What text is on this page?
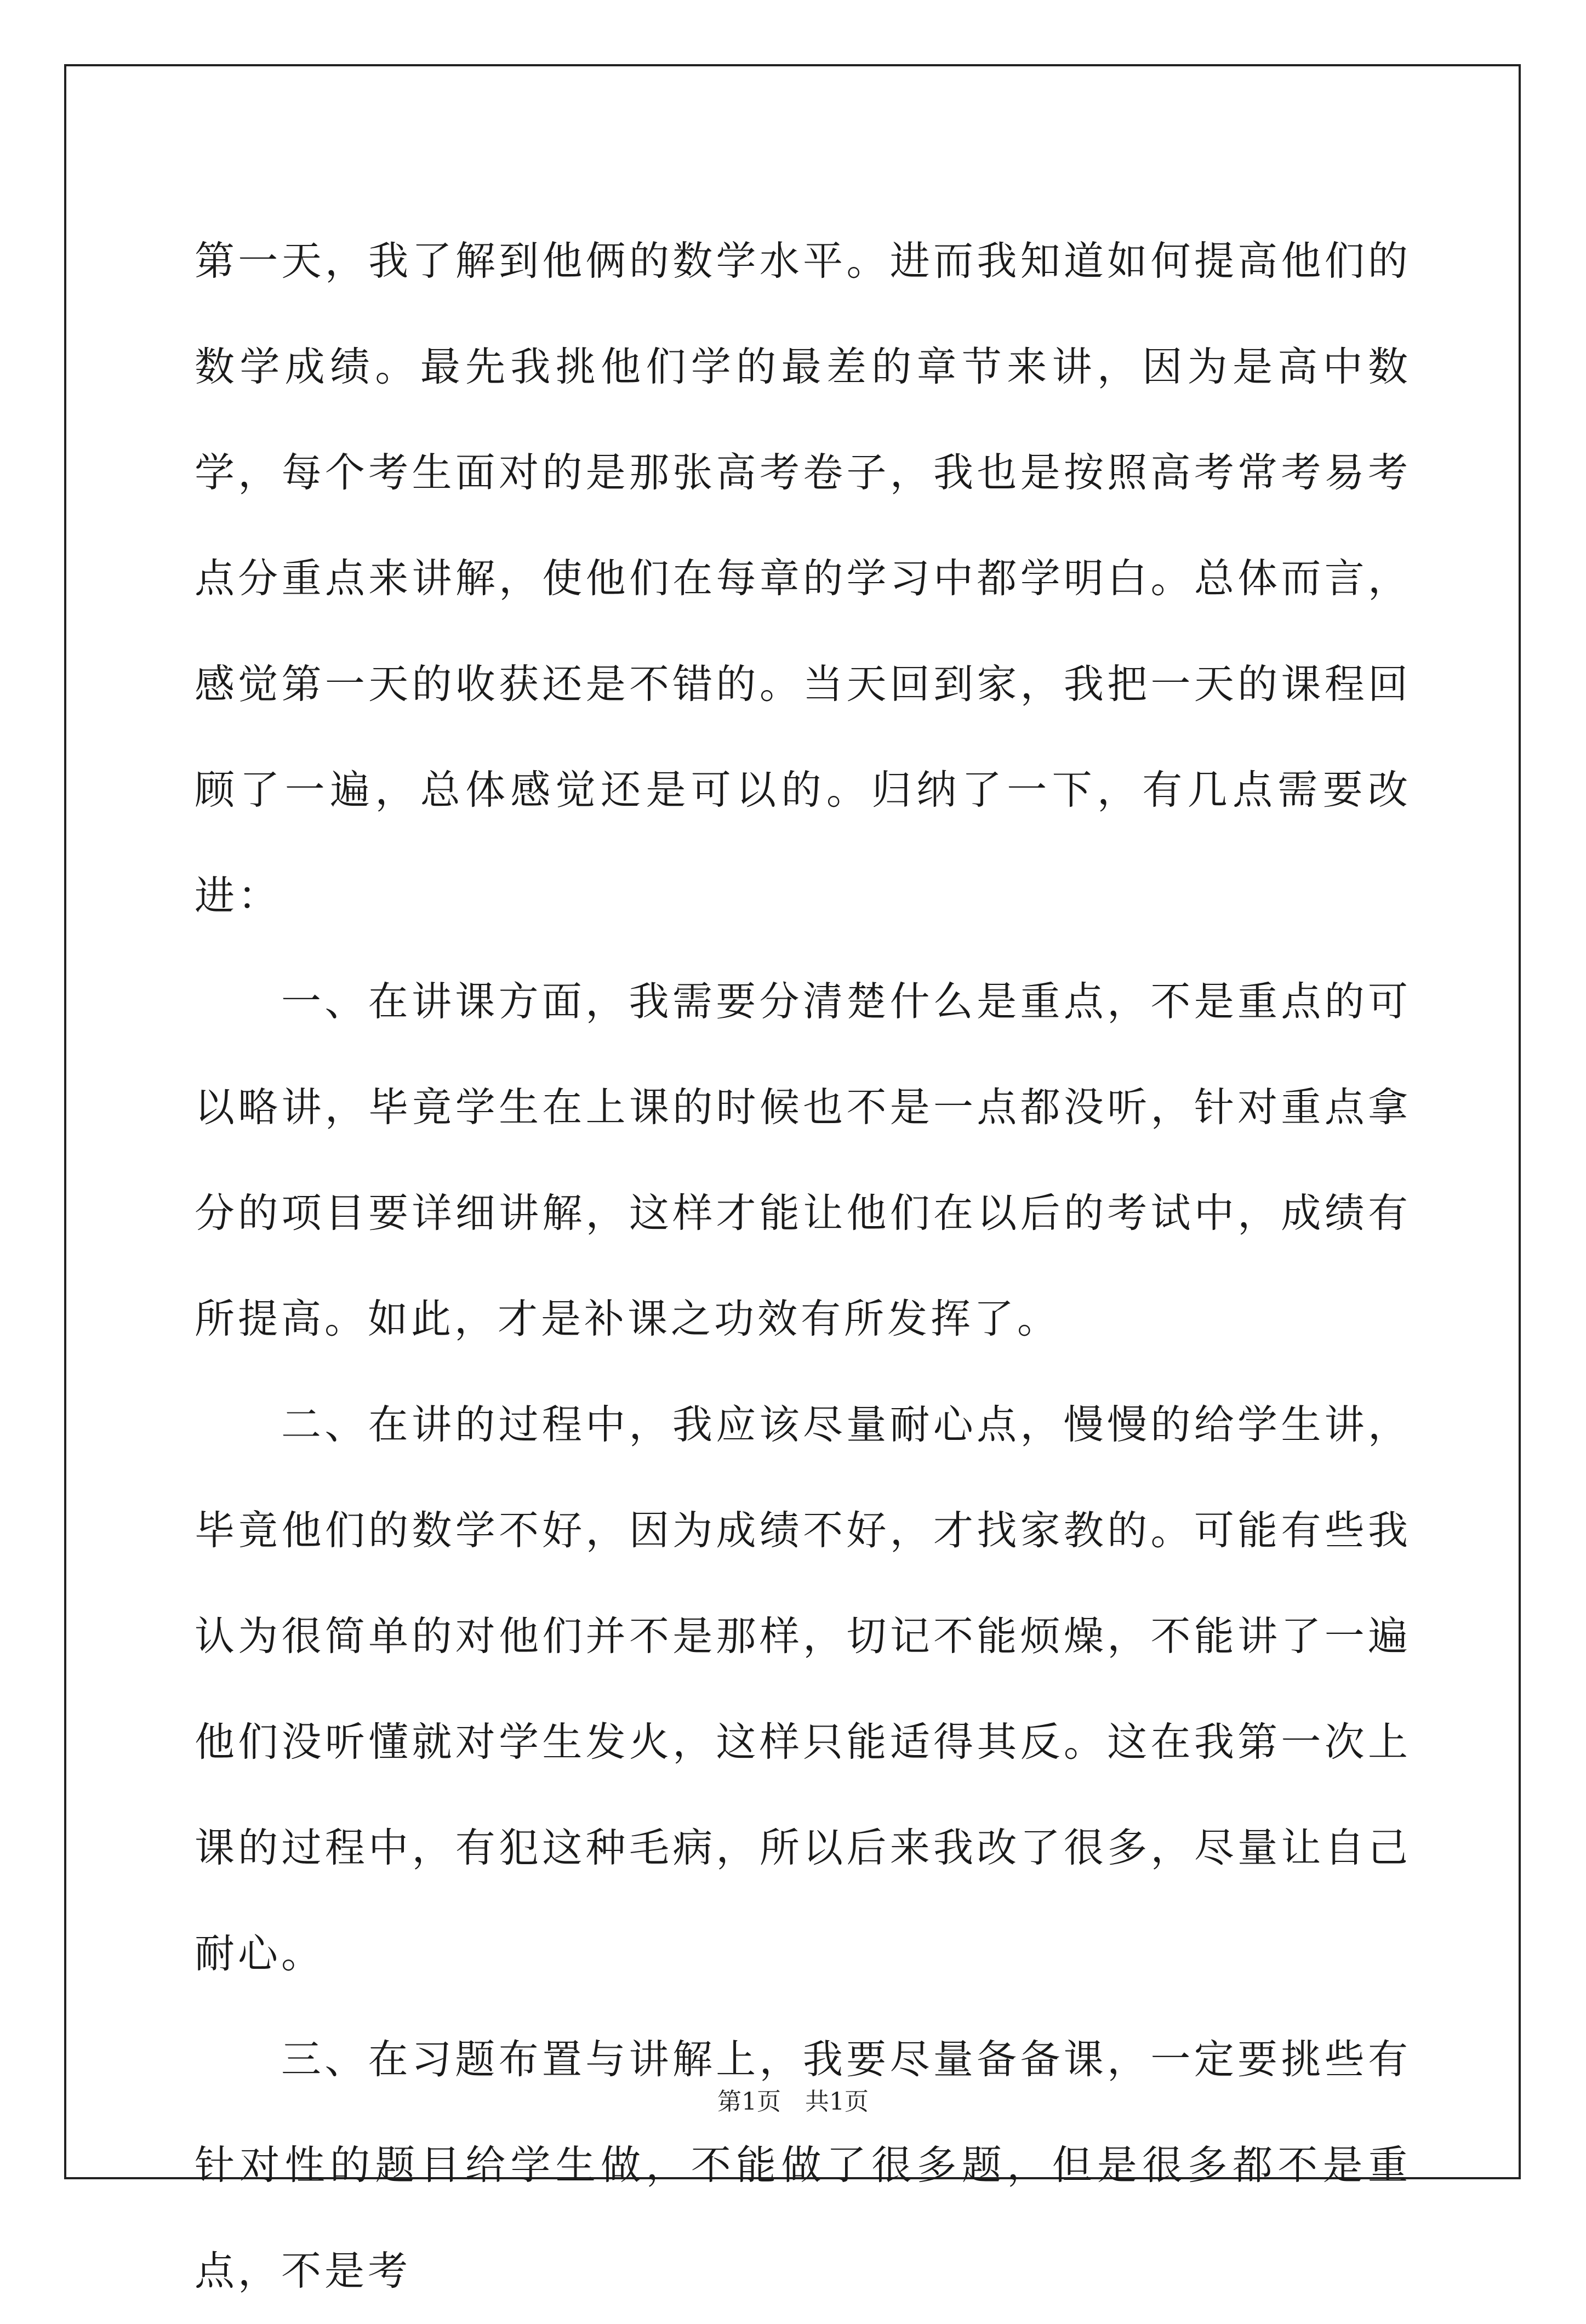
第一天，我了解到他俩的数学水平。进而我知道如何提高他们的数学成绩。最先我挑他们学的最差的章节来讲，因为是高中数学，每个考生面对的是那张高考卷子，我也是按照高考常考易考点分重点来讲解，使他们在每章的学习中都学明白。总体而言，感觉第一天的收获还是不错的。当天回到家，我把一天的课程回顾了一遍，总体感觉还是可以的。归纳了一下，有几点需要改进：

一、在讲课方面，我需要分清楚什么是重点，不是重点的可以略讲，毕竟学生在上课的时候也不是一点都没听，针对重点拿分的项目要详细讲解，这样才能让他们在以后的考试中，成绩有所提高。如此，才是补课之功效有所发挥了。

二、在讲的过程中，我应该尽量耐心点，慢慢的给学生讲，毕竟他们的数学不好，因为成绩不好，才找家教的。可能有些我认为很简单的对他们并不是那样，切记不能烦燥，不能讲了一遍他们没听懂就对学生发火，这样只能适得其反。这在我第一次上课的过程中，有犯这种毛病，所以后来我改了很多，尽量让自己耐心。

三、在习题布置与讲解上，我要尽量备备课，一定要挑些有针对性的题目给学生做，不能做了很多题，但是很多都不是重点，不是考

第1页　共1页
